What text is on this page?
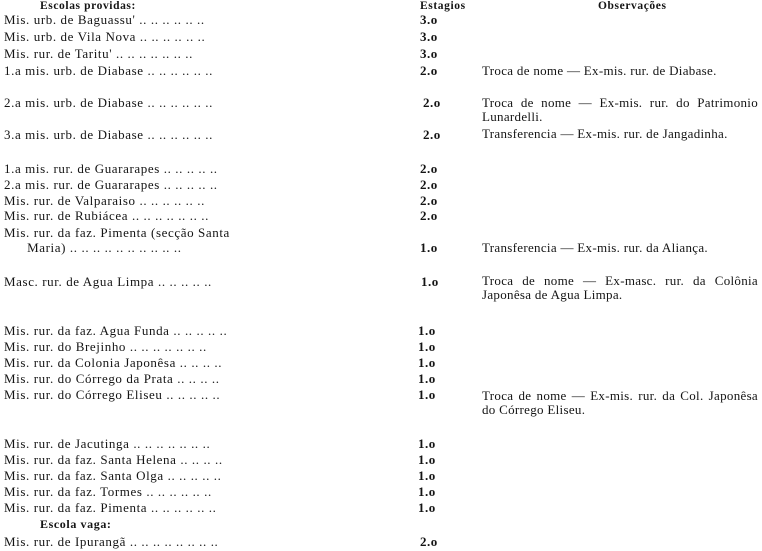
Escolas providas:	Estagios	Observações
Mis. urb. de Baguassu' .. .. .. .. .. ..
Mis. urb. de Vila Nova .. .. .. .. .. ..
Mis. rur. de Taritu' .. .. .. .. .. .. ..
1.a mis. urb. de Diabase .. .. .. .. .. ..
2.a mis. urb. de Diabase .. .. .. .. .. ..
3.a mis. urb. de Diabase .. .. .. .. .. ..
1.a mis. rur. de Guararapes .. .. .. .. ..
2.a mis. rur. de Guararapes .. .. .. .. ..
Mis. rur. de Valparaiso .. .. .. .. .. ..
Mis. rur. de Rubiácea .. .. .. .. .. .. ..
Mis. rur. da faz. Pimenta (secção Santa
Maria) .. .. .. .. .. .. .. .. .. ..
Masc. rur. de Agua Limpa .. .. .. .. ..
Mis. rur. da faz. Agua Funda .. .. .. .. ..
Mis. rur. do Brejinho .. .. .. .. .. .. ..
Mis. rur. da Colonia Japonêsa .. .. .. ..
Mis. rur. do Córrego da Prata .. .. .. ..
Mis. rur. do Córrego Eliseu .. .. .. .. ..
Mis. rur. de Jacutinga .. .. .. .. .. .. ..
Mis. rur. da faz. Santa Helena .. .. .. ..
Mis. rur. da faz. Santa Olga .. .. .. .. ..
Mis. rur. da faz. Tormes .. .. .. .. .. ..
Mis. rur. da faz. Pimenta .. .. .. .. .. ..
Escola vaga:
Mis. rur. de Ipurangã .. .. .. .. .. .. .. ..
3.o
3.o
3.o
2.o
2.o
2.o
2.o
2.o
2.o
2.o
1.o
1.o
1.o
1.o
1.o
1.o
1.o
1.o
1.o
1.o
1.o
1.o
2.o
Troca de nome — Ex-mis. rur. de Diabase.
Troca de nome — Ex-mis. rur. do Patrimonio Lunardelli.
Transferencia — Ex-mis. rur. de Jangadinha.
Transferencia — Ex-mis. rur. da Aliança.
Troca de nome — Ex-masc. rur. da Colônia Japonêsa de Agua Limpa.
Troca de nome — Ex-mis. rur. da Col. Japonêsa do Córrego Eliseu.
